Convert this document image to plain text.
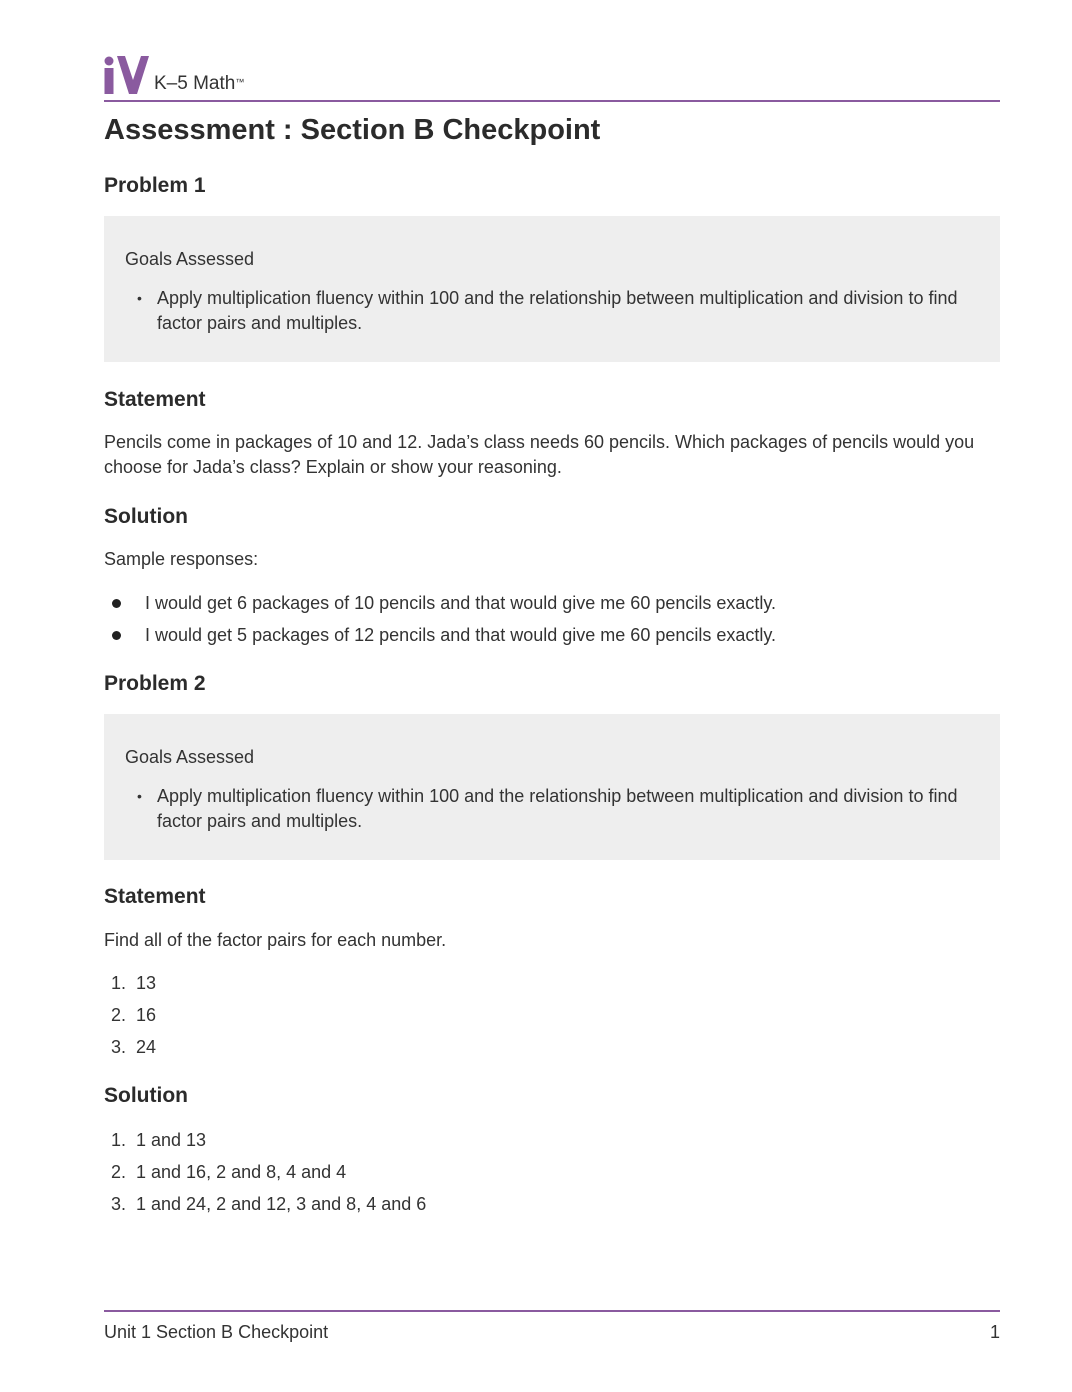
K–5 Math™
Assessment : Section B Checkpoint
Problem 1
Goals Assessed
• Apply multiplication fluency within 100 and the relationship between multiplication and division to find factor pairs and multiples.
Statement
Pencils come in packages of 10 and 12. Jada’s class needs 60 pencils. Which packages of pencils would you choose for Jada’s class? Explain or show your reasoning.
Solution
Sample responses:
I would get 6 packages of 10 pencils and that would give me 60 pencils exactly.
I would get 5 packages of 12 pencils and that would give me 60 pencils exactly.
Problem 2
Goals Assessed
• Apply multiplication fluency within 100 and the relationship between multiplication and division to find factor pairs and multiples.
Statement
Find all of the factor pairs for each number.
1. 13
2. 16
3. 24
Solution
1. 1 and 13
2. 1 and 16, 2 and 8, 4 and 4
3. 1 and 24, 2 and 12, 3 and 8, 4 and 6
Unit 1 Section B Checkpoint	1
